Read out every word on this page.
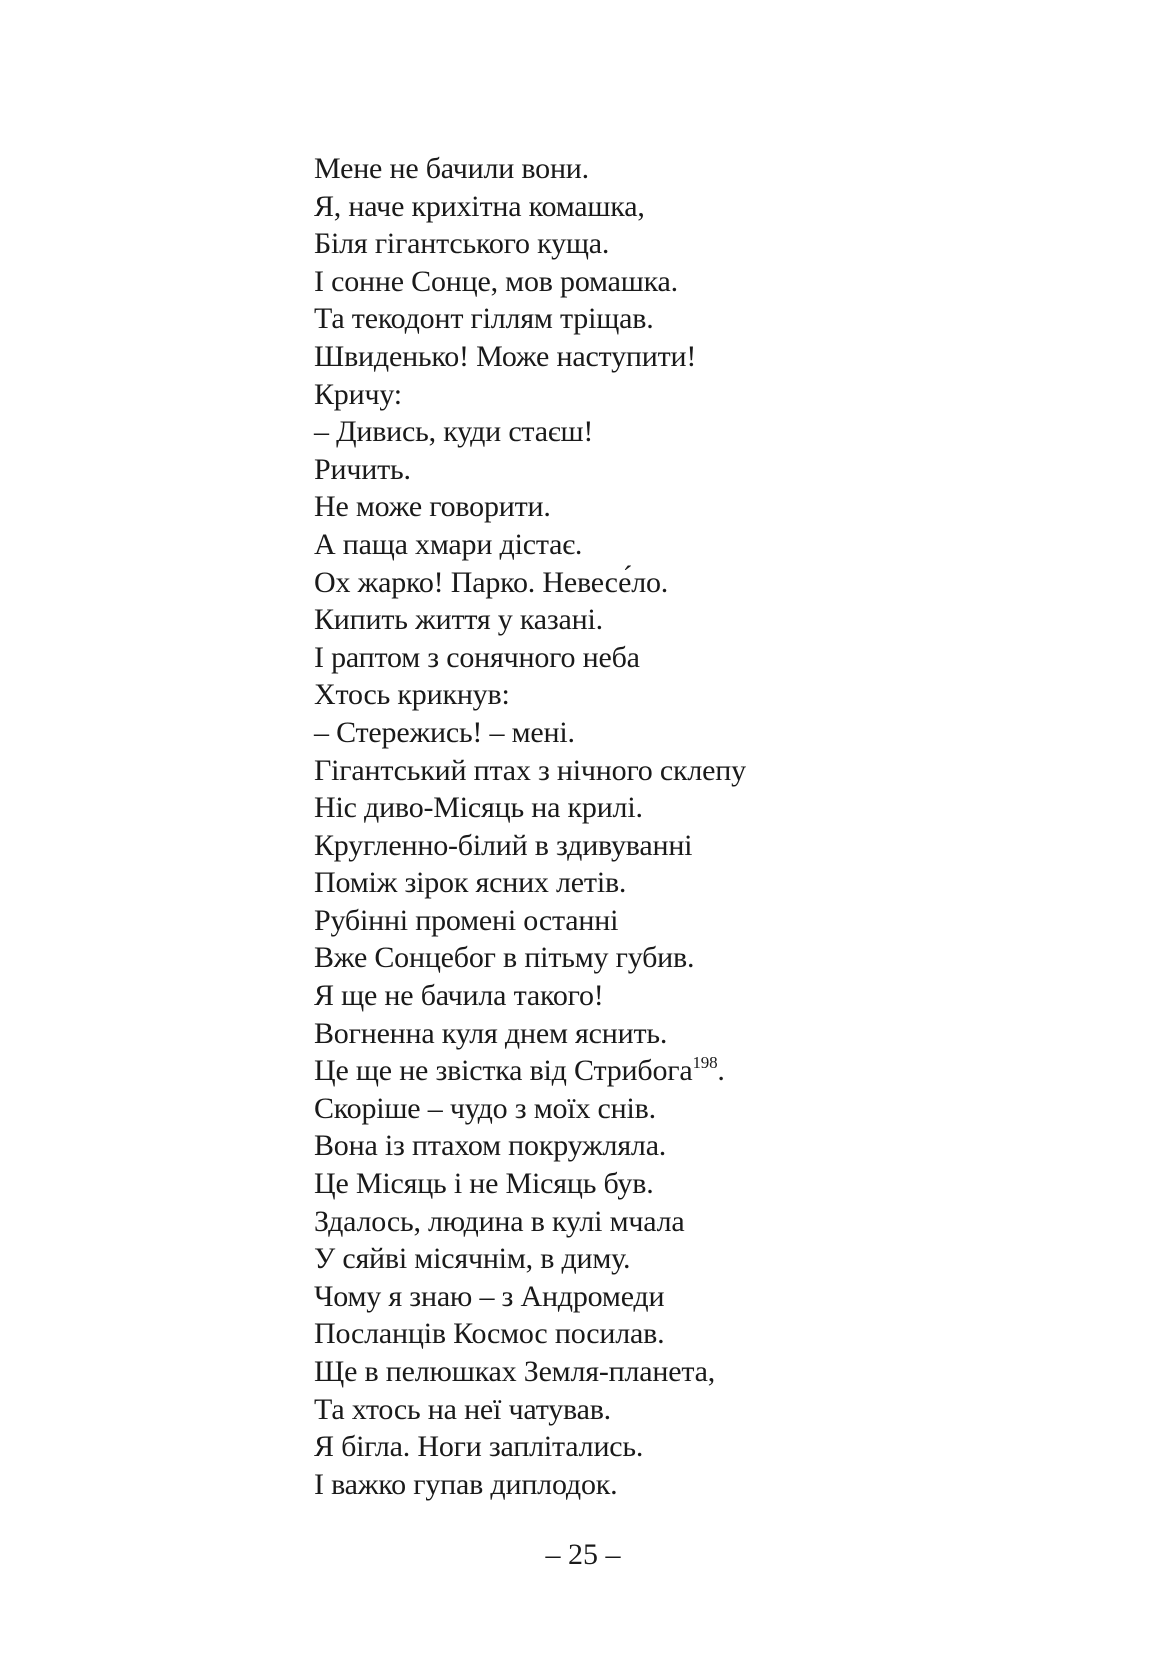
Мене не бачили вони.
Я, наче крихітна комашка,
Біля гігантського куща.
І сонне Сонце, мов ромашка.
Та текодонт гіллям тріщав.
Швиденько! Може наступити!
Кричу:
– Дивись, куди стаєш!
Ричить.
Не може говорити.
А паща хмари дістає.
Ох жарко! Парко. Невесе́ло.
Кипить життя у казані.
І раптом з сонячного неба
Хтось крикнув:
– Стережись! – мені.
Гігантський птах з нічного склепу
Ніс диво-Місяць на крилі.
Кругленно-білий в здивуванні
Поміж зірок ясних летів.
Рубінні промені останні
Вже Сонцебог в пітьму губив.
Я ще не бачила такого!
Вогненна куля днем яснить.
Це ще не звістка від Стрибога$^{198}$.
Скоріше – чудо з моїх снів.
Вона із птахом покружляла.
Це Місяць і не Місяць був.
Здалось, людина в кулі мчала
У сяйві місячнім, в диму.
Чому я знаю – з Андромеди
Посланців Космос посилав.
Ще в пелюшках Земля-планета,
Та хтось на неї чатував.
Я бігла. Ноги заплітались.
І важко гупав диплодок.
– 25 –
